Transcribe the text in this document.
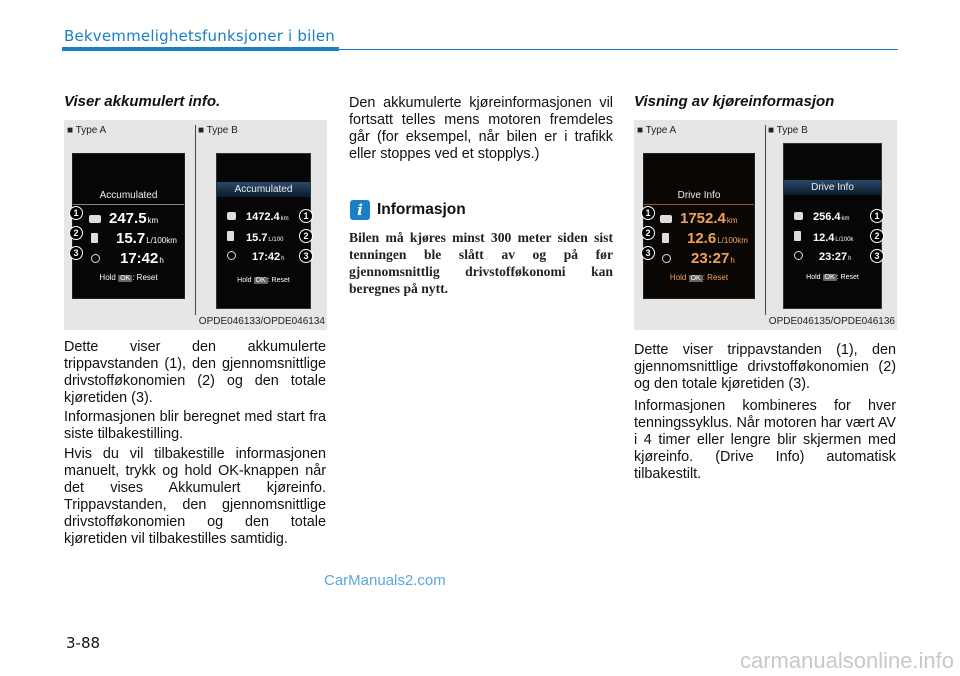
Bekvemmelighetsfunksjoner i bilen
Viser akkumulert info.
■ Type A	■ Type B
Accumulated
247.5 km
15.7 L/100km
17:42 h
Hold OK : Reset
1
2
3
Accumulated
1472.4 km
15.7 L/100
17:42 h
Hold OK : Reset
1
2
3
OPDE046133/OPDE046134
Dette viser den akkumulerte trippavstanden (1), den gjennomsnittlige drivstofføkonomien (2) og den totale kjøretiden (3).
Informasjonen blir beregnet med start fra siste tilbakestilling.
Hvis du vil tilbakestille informasjonen manuelt, trykk og hold OK-knappen når det vises Akkumulert kjøreinfo. Trippavstanden, den gjennomsnittlige drivstofføkonomien og den totale kjøretiden vil tilbakestilles samtidig.
Den akkumulerte kjøreinformasjonen vil fortsatt telles mens motoren fremdeles går (for eksempel, når bilen er i trafikk eller stoppes ved et stopplys.)
i Informasjon
Bilen må kjøres minst 300 meter siden sist tenningen ble slått av og på før gjennomsnittlig drivstofføkonomi kan beregnes på nytt.
Visning av kjøreinformasjon
■ Type A	■ Type B
Drive Info
1752.4 km
12.6 L/100km
23:27 h
Hold OK : Reset
1
2
3
Drive Info
256.4 km
12.4 L/100k
23:27 h
Hold OK : Reset
1
2
3
OPDE046135/OPDE046136
Dette viser trippavstanden (1), den gjennomsnittlige drivstofføkonomien (2) og den totale kjøretiden (3).
Informasjonen kombineres for hver tenningssyklus. Når motoren har vært AV i 4 timer eller lengre blir skjermen med kjøreinfo. (Drive Info) automatisk tilbakestilt.
CarManuals2.com
3-88
carmanualsonline.info
